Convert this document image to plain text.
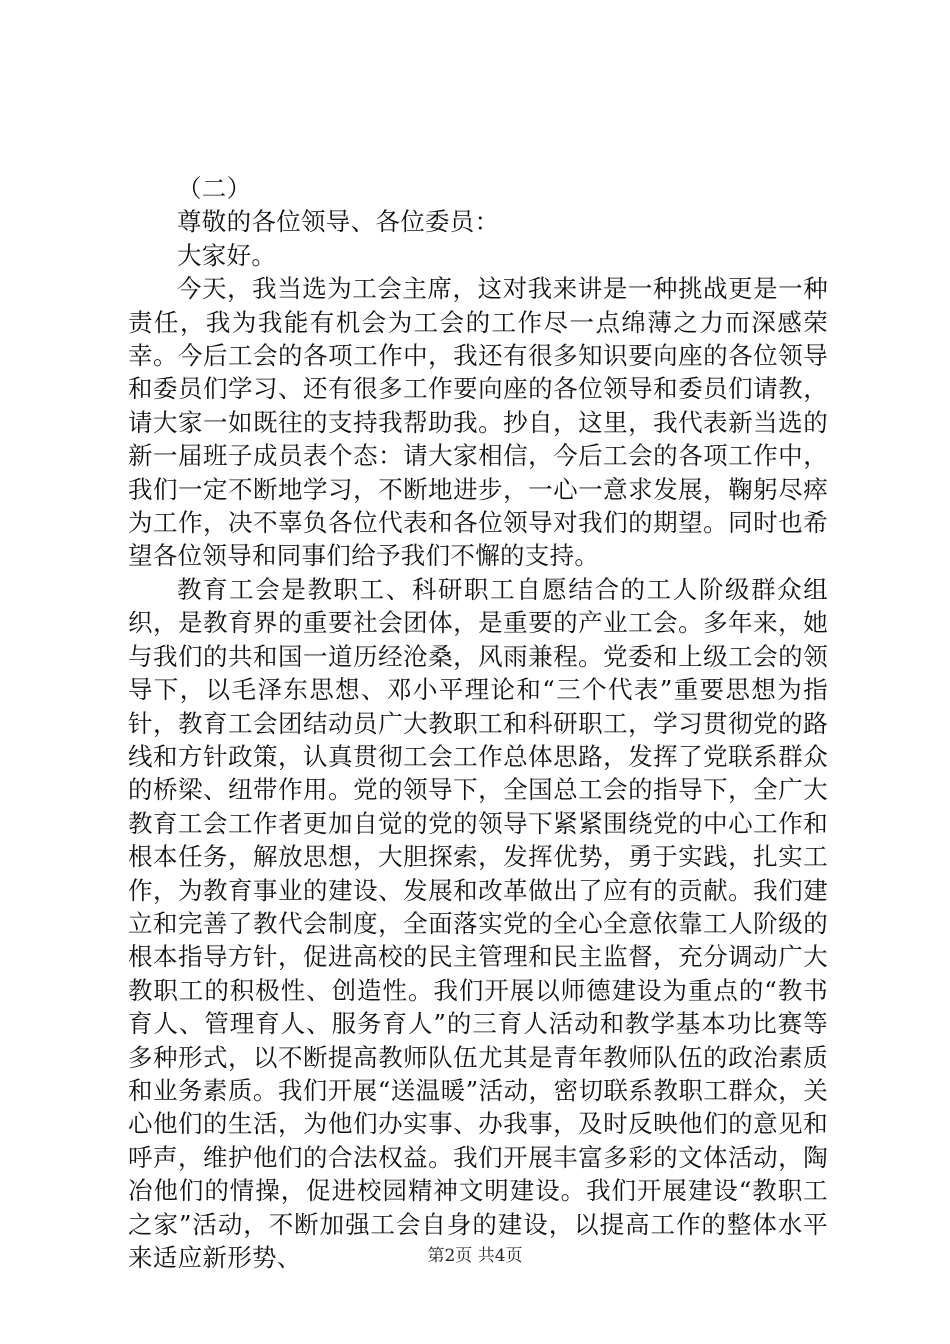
（二）

尊敬的各位领导、各位委员：

大家好。

今天，我当选为工会主席，这对我来讲是一种挑战更是一种责任，我为我能有机会为工会的工作尽一点绵薄之力而深感荣幸。今后工会的各项工作中，我还有很多知识要向座的各位领导和委员们学习、还有很多工作要向座的各位领导和委员们请教，请大家一如既往的支持我帮助我。抄自，这里，我代表新当选的新一届班子成员表个态：请大家相信，今后工会的各项工作中，我们一定不断地学习，不断地进步，一心一意求发展，鞠躬尽瘁为工作，决不辜负各位代表和各位领导对我们的期望。同时也希望各位领导和同事们给予我们不懈的支持。

教育工会是教职工、科研职工自愿结合的工人阶级群众组织，是教育界的重要社会团体，是重要的产业工会。多年来，她与我们的共和国一道历经沧桑，风雨兼程。党委和上级工会的领导下，以毛泽东思想、邓小平理论和“三个代表”重要思想为指针，教育工会团结动员广大教职工和科研职工，学习贯彻党的路线和方针政策，认真贯彻工会工作总体思路，发挥了党联系群众的桥梁、纽带作用。党的领导下，全国总工会的指导下，全广大教育工会工作者更加自觉的党的领导下紧紧围绕党的中心工作和根本任务，解放思想，大胆探索，发挥优势，勇于实践，扎实工作，为教育事业的建设、发展和改革做出了应有的贡献。我们建立和完善了教代会制度，全面落实党的全心全意依靠工人阶级的根本指导方针，促进高校的民主管理和民主监督，充分调动广大教职工的积极性、创造性。我们开展以师德建设为重点的“教书育人、管理育人、服务育人”的三育人活动和教学基本功比赛等多种形式，以不断提高教师队伍尤其是青年教师队伍的政治素质和业务素质。我们开展“送温暖”活动，密切联系教职工群众，关心他们的生活，为他们办实事、办我事，及时反映他们的意见和呼声，维护他们的合法权益。我们开展丰富多彩的文体活动，陶冶他们的情操，促进校园精神文明建设。我们开展建设“教职工之家”活动，不断加强工会自身的建设，以提高工作的整体水平来适应新形势、	第2页 共4页
